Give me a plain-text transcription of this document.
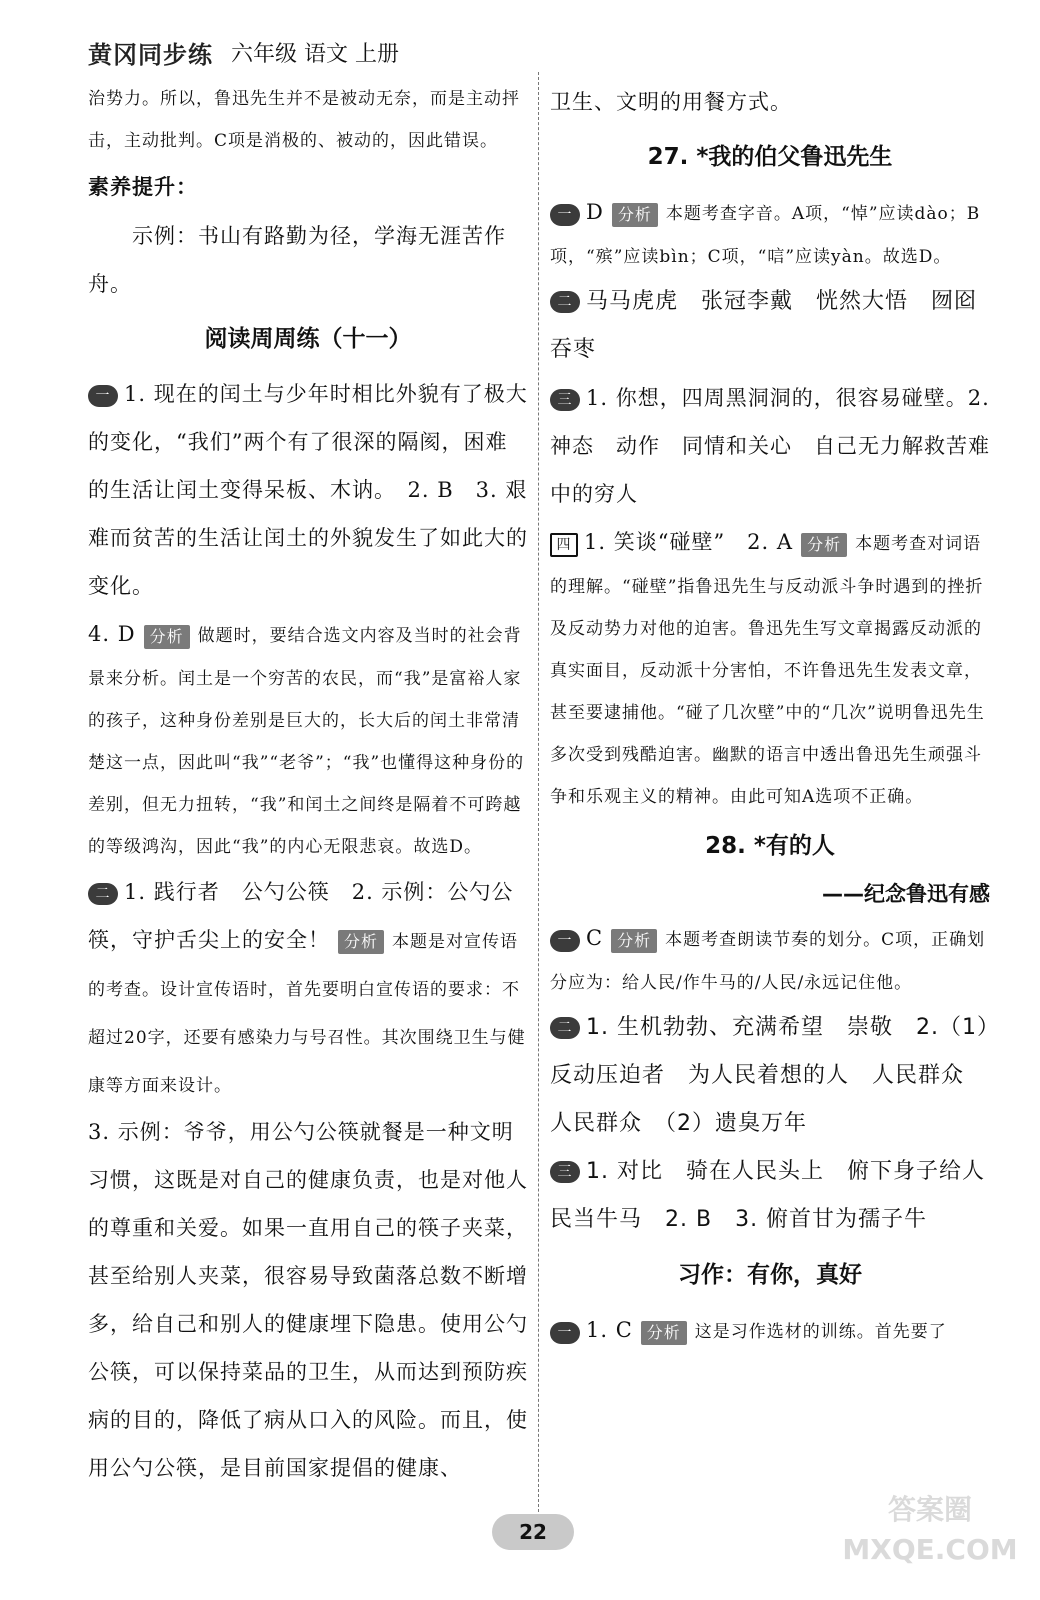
黄冈同步练 六年级 语文 上册

治势力。所以，鲁迅先生并不是被动无奈，而是主动抨击，主动批判。C项是消极的、被动的，因此错误。

素养提升：

示例：书山有路勤为径，学海无涯苦作舟。

阅读周周练（十一）

一 1. 现在的闰土与少年时相比外貌有了极大的变化，“我们”两个有了很深的隔阂，困难的生活让闰土变得呆板、木讷。　2. B　3. 艰难而贫苦的生活让闰土的外貌发生了如此大的变化。

4. D 分析 做题时，要结合选文内容及当时的社会背景来分析。闰土是一个穷苦的农民，而“我”是富裕人家的孩子，这种身份差别是巨大的，长大后的闰土非常清楚这一点，因此叫“我”“老爷”；“我”也懂得这种身份的差别，但无力扭转，“我”和闰土之间终是隔着不可跨越的等级鸿沟，因此“我”的内心无限悲哀。故选D。

二 1. 践行者　公勺公筷　2. 示例：公勺公筷，守护舌尖上的安全！ 分析 本题是对宣传语的考查。设计宣传语时，首先要明白宣传语的要求：不超过20字，还要有感染力与号召性。其次围绕卫生与健康等方面来设计。

3. 示例：爷爷，用公勺公筷就餐是一种文明习惯，这既是对自己的健康负责，也是对他人的尊重和关爱。如果一直用自己的筷子夹菜，甚至给别人夹菜，很容易导致菌落总数不断增多，给自己和别人的健康埋下隐患。使用公勺公筷，可以保持菜品的卫生，从而达到预防疾病的目的，降低了病从口入的风险。而且，使用公勺公筷，是目前国家提倡的健康、

卫生、文明的用餐方式。

27. *我的伯父鲁迅先生

一 D 分析 本题考查字音。A项，“悼”应读dào；B项，“殡”应读bìn；C项，“唁”应读yàn。故选D。

二 马马虎虎　张冠李戴　恍然大悟　囫囵吞枣

三 1. 你想，四周黑洞洞的，很容易碰壁。2. 神态　动作　同情和关心　自己无力解救苦难中的穷人

四 1. 笑谈“碰壁”　2. A 分析 本题考查对词语的理解。“碰壁”指鲁迅先生与反动派斗争时遇到的挫折及反动势力对他的迫害。鲁迅先生写文章揭露反动派的真实面目，反动派十分害怕，不许鲁迅先生发表文章，甚至要逮捕他。“碰了几次壁”中的“几次”说明鲁迅先生多次受到残酷迫害。幽默的语言中透出鲁迅先生顽强斗争和乐观主义的精神。由此可知A选项不正确。

28. *有的人

——纪念鲁迅有感

一 C 分析 本题考查朗读节奏的划分。C项，正确划分应为：给人民/作牛马的/人民/永远记住他。

二 1. 生机勃勃、充满希望　崇敬　2.（1）反动压迫者　为人民着想的人　人民群众　人民群众　（2）遗臭万年

三 1. 对比　骑在人民头上　俯下身子给人民当牛马　2. B　3. 俯首甘为孺子牛

习作：有你，真好

一 1. C 分析 这是习作选材的训练。首先要了

22
答案圈 MXQE.COM
